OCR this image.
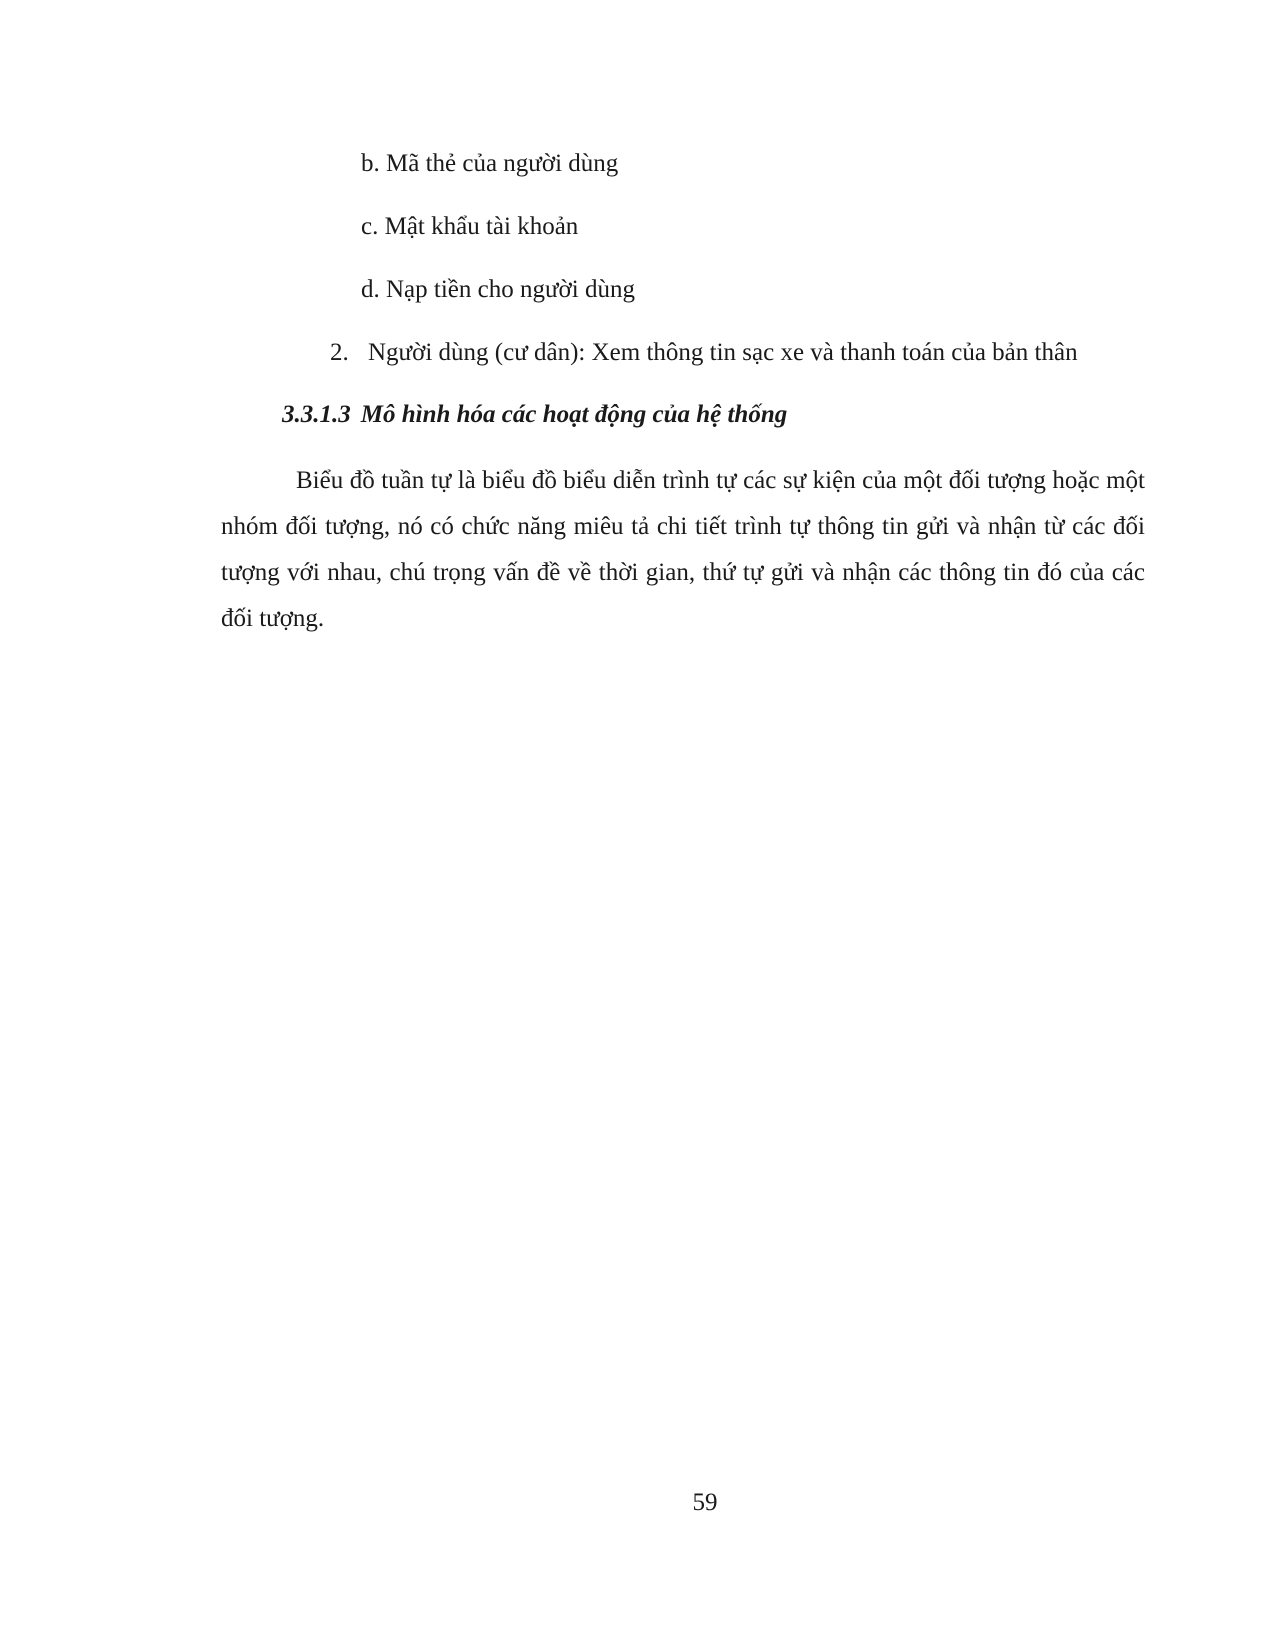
b. Mã thẻ của người dùng
c. Mật khẩu tài khoản
d. Nạp tiền cho người dùng
2. Người dùng (cư dân): Xem thông tin sạc xe và thanh toán của bản thân
3.3.1.3 Mô hình hóa các hoạt động của hệ thống

Biểu đồ tuần tự là biểu đồ biểu diễn trình tự các sự kiện của một đối tượng hoặc một nhóm đối tượng, nó có chức năng miêu tả chi tiết trình tự thông tin gửi và nhận từ các đối tượng với nhau, chú trọng vấn đề về thời gian, thứ tự gửi và nhận các thông tin đó của các đối tượng.

59
